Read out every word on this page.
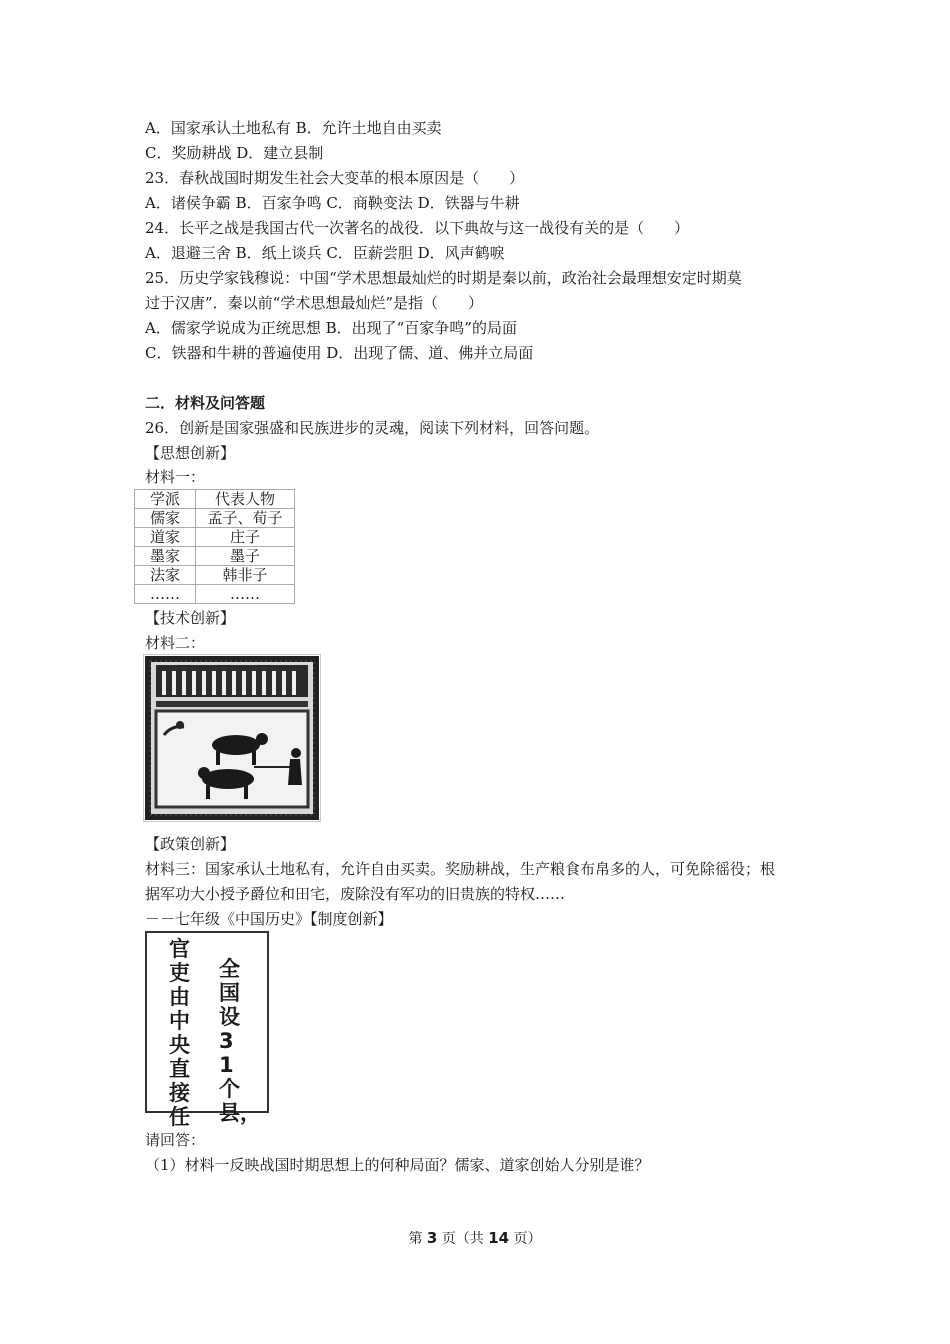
A．国家承认土地私有 B．允许土地自由买卖
C．奖励耕战 D．建立县制
23．春秋战国时期发生社会大变革的根本原因是（　　）
A．诸侯争霸 B．百家争鸣 C．商鞅变法 D．铁器与牛耕
24．长平之战是我国古代一次著名的战役．以下典故与这一战役有关的是（　　）
A．退避三舍 B．纸上谈兵 C．臣薪尝胆 D．风声鹤唳
25．历史学家钱穆说：中国“学术思想最灿烂的时期是秦以前，政治社会最理想安定时期莫
过于汉唐”．秦以前“学术思想最灿烂”是指（　　）
A．儒家学说成为正统思想 B．出现了“百家争鸣”的局面
C．铁器和牛耕的普遍使用 D．出现了儒、道、佛并立局面
二．材料及问答题
26．创新是国家强盛和民族进步的灵魂，阅读下列材料，回答问题。
【思想创新】
材料一：
学派	代表人物
儒家	孟子、荀子
道家	庄子
墨家	墨子
法家	韩非子
……	……
【技术创新】
材料二：
【政策创新】
材料三：国家承认土地私有，允许自由买卖。奖励耕战，生产粮食布帛多的人，可免除徭役；根
据军功大小授予爵位和田宅，废除没有军功的旧贵族的特权……
－－七年级《中国历史》【制度创新】
官吏由中央直接任
全国设31个县，
请回答：
（1）材料一反映战国时期思想上的何种局面？儒家、道家创始人分别是谁？
第 3 页（共 14 页）
